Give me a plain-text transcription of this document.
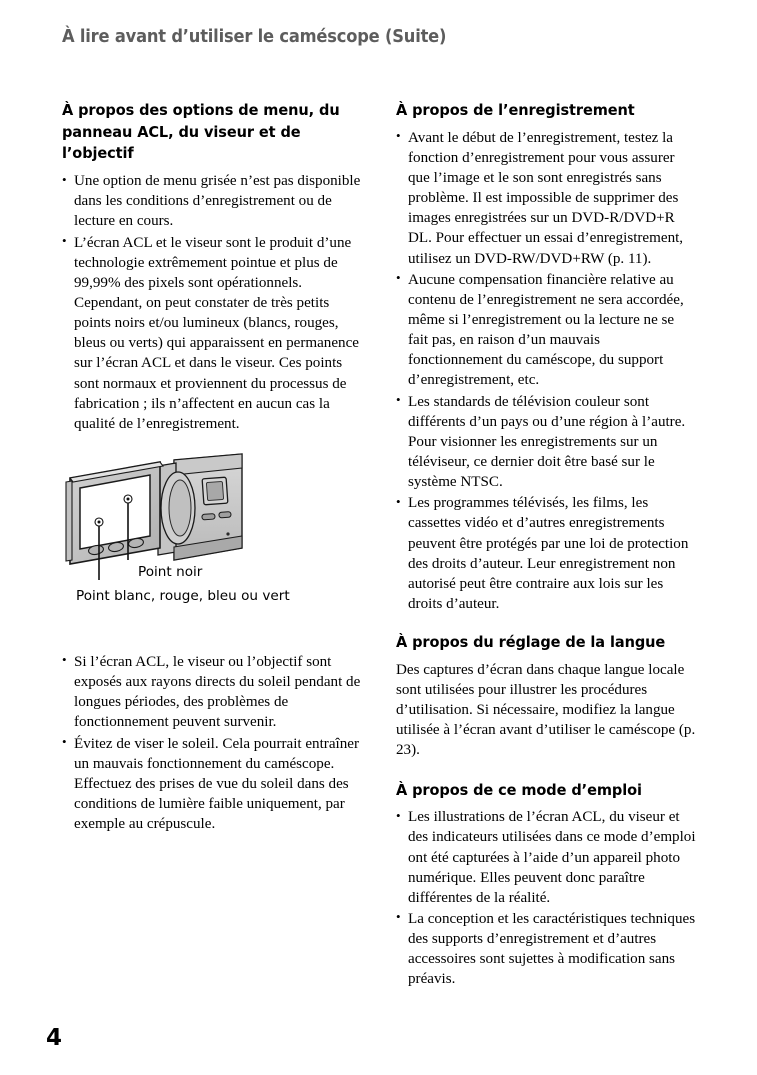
À lire avant d’utiliser le caméscope (Suite)
À propos des options de menu, du panneau ACL, du viseur et de l’objectif
• Une option de menu grisée n’est pas disponible dans les conditions d’enregistrement ou de lecture en cours.
• L’écran ACL et le viseur sont le produit d’une technologie extrêmement pointue et plus de 99,99% des pixels sont opérationnels. Cependant, on peut constater de très petits points noirs et/ou lumineux (blancs, rouges, bleus ou verts) qui apparaissent en permanence sur l’écran ACL et dans le viseur. Ces points sont normaux et proviennent du processus de fabrication ; ils n’affectent en aucun cas la qualité de l’enregistrement.
Point noir
Point blanc, rouge, bleu ou vert
• Si l’écran ACL, le viseur ou l’objectif sont exposés aux rayons directs du soleil pendant de longues périodes, des problèmes de fonctionnement peuvent survenir.
• Évitez de viser le soleil. Cela pourrait entraîner un mauvais fonctionnement du caméscope. Effectuez des prises de vue du soleil dans des conditions de lumière faible uniquement, par exemple au crépuscule.
À propos de l’enregistrement
• Avant le début de l’enregistrement, testez la fonction d’enregistrement pour vous assurer que l’image et le son sont enregistrés sans problème. Il est impossible de supprimer des images enregistrées sur un DVD-R/DVD+R DL. Pour effectuer un essai d’enregistrement, utilisez un DVD-RW/DVD+RW (p. 11).
• Aucune compensation financière relative au contenu de l’enregistrement ne sera accordée, même si l’enregistrement ou la lecture ne se fait pas, en raison d’un mauvais fonctionnement du caméscope, du support d’enregistrement, etc.
• Les standards de télévision couleur sont différents d’un pays ou d’une région à l’autre. Pour visionner les enregistrements sur un téléviseur, ce dernier doit être basé sur le système NTSC.
• Les programmes télévisés, les films, les cassettes vidéo et d’autres enregistrements peuvent être protégés par une loi de protection des droits d’auteur. Leur enregistrement non autorisé peut être contraire aux lois sur les droits d’auteur.
À propos du réglage de la langue

Des captures d’écran dans chaque langue locale sont utilisées pour illustrer les procédures d’utilisation. Si nécessaire, modifiez la langue utilisée à l’écran avant d’utiliser le caméscope (p. 23).

À propos de ce mode d’emploi
• Les illustrations de l’écran ACL, du viseur et des indicateurs utilisées dans ce mode d’emploi ont été capturées à l’aide d’un appareil photo numérique. Elles peuvent donc paraître différentes de la réalité.
• La conception et les caractéristiques techniques des supports d’enregistrement et d’autres accessoires sont sujettes à modification sans préavis.
4
